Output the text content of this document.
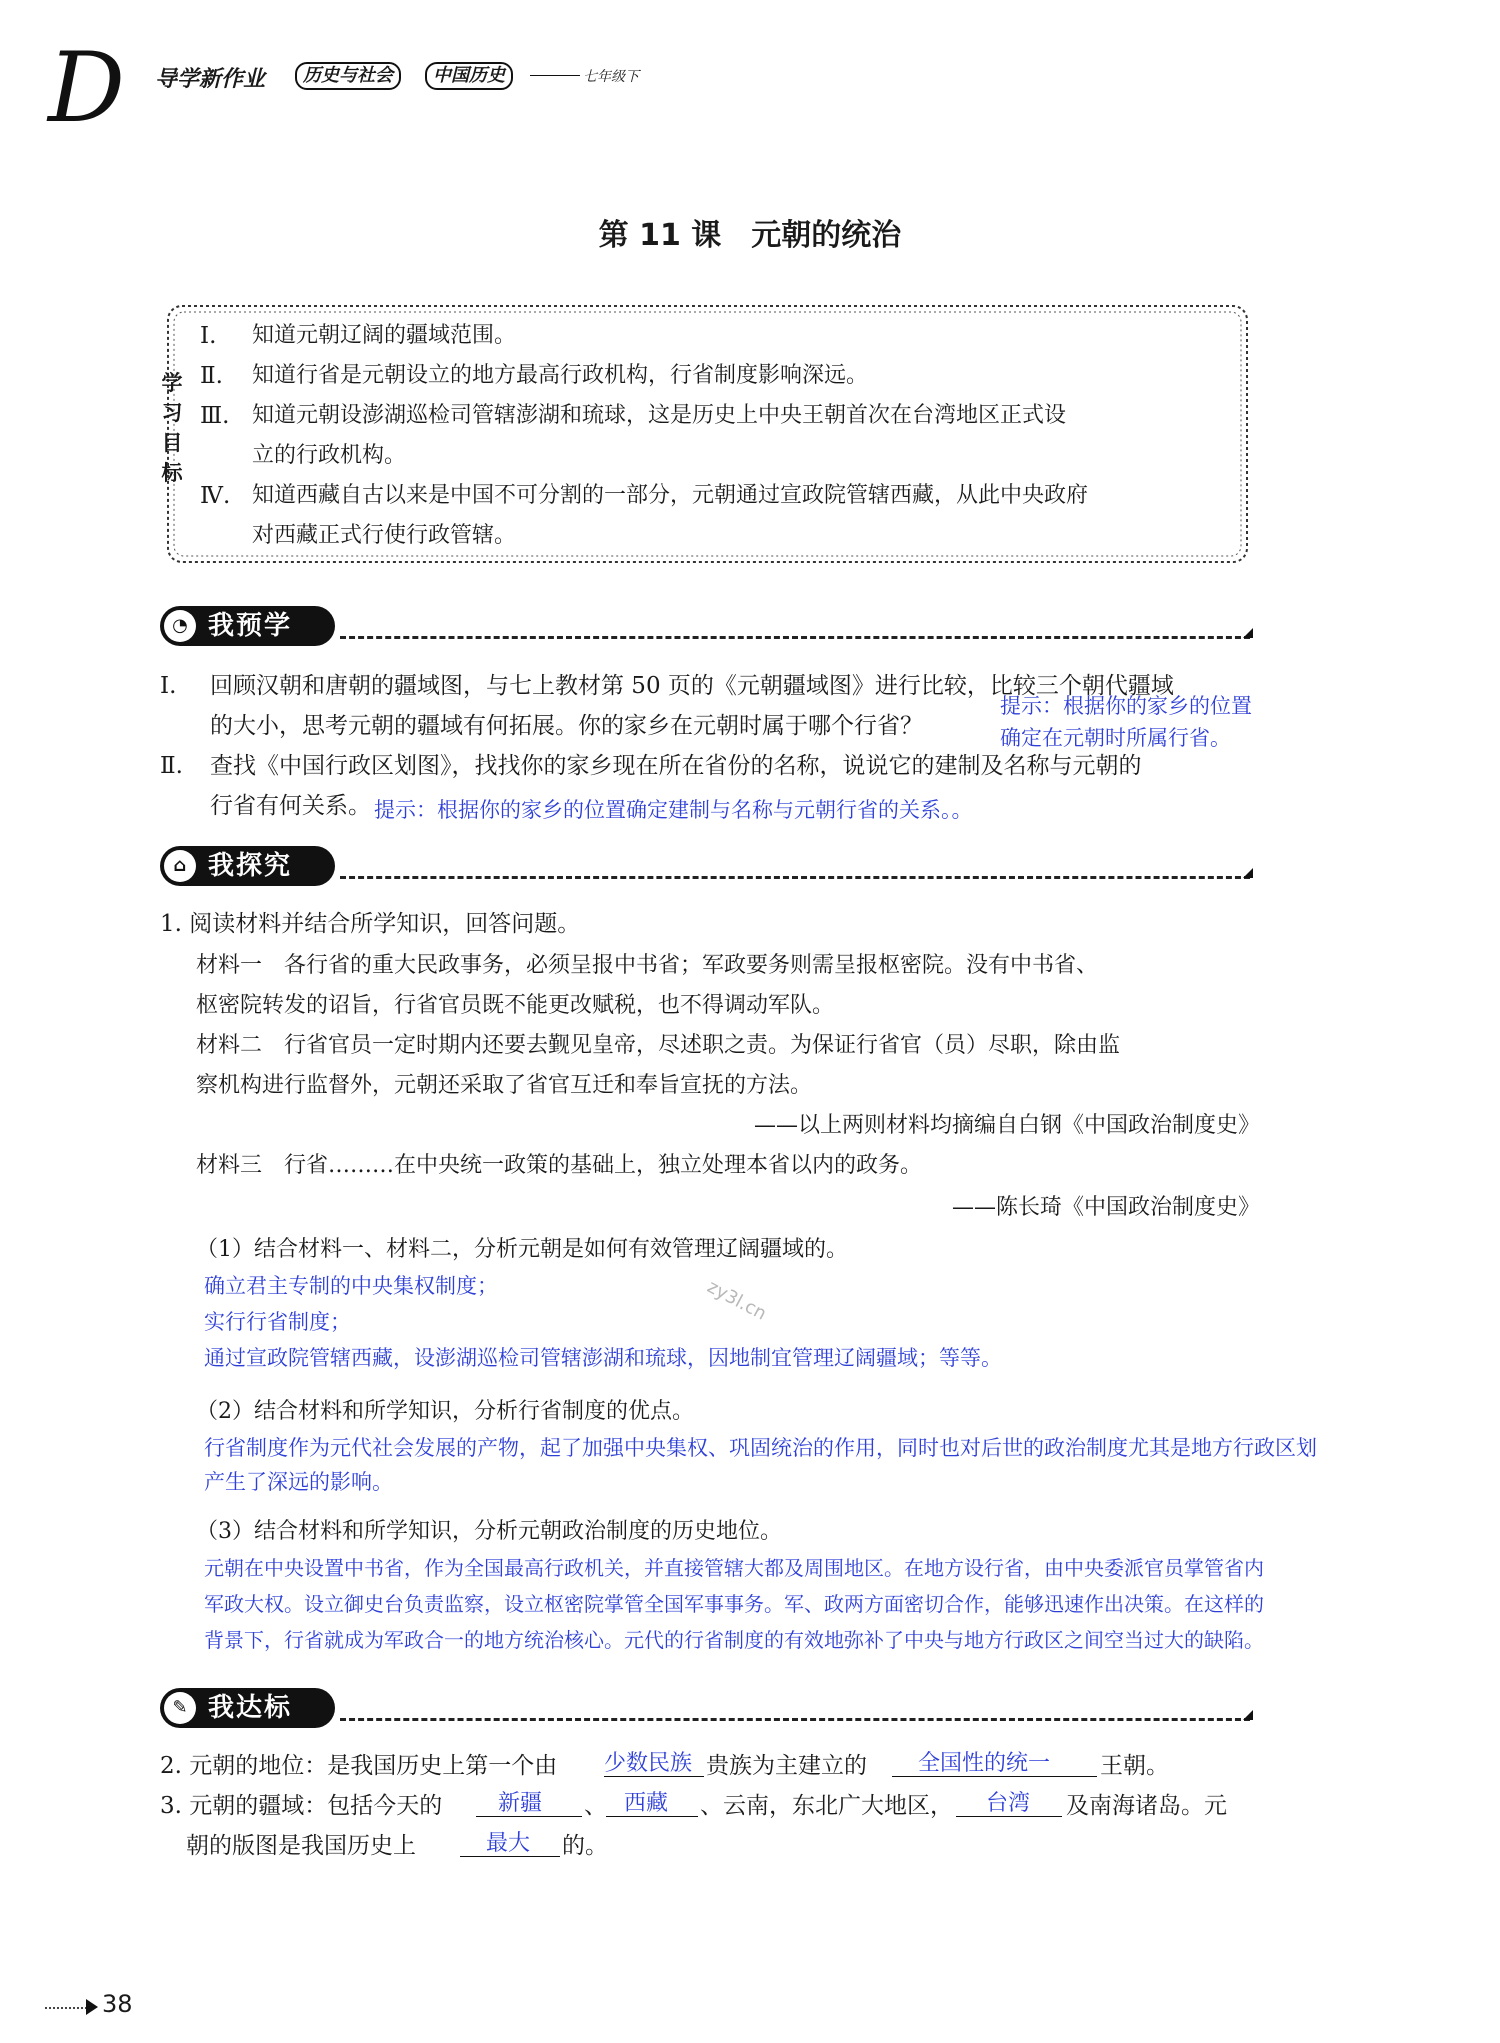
D 导学新作业	历史与社会	中国历史	七年级下
第 11 课　元朝的统治
学
习
目
标
Ⅰ. 知道元朝辽阔的疆域范围。
Ⅱ. 知道行省是元朝设立的地方最高行政机构，行省制度影响深远。
Ⅲ. 知道元朝设澎湖巡检司管辖澎湖和琉球，这是历史上中央王朝首次在台湾地区正式设
立的行政机构。
Ⅳ. 知道西藏自古以来是中国不可分割的一部分，元朝通过宣政院管辖西藏，从此中央政府
对西藏正式行使行政管辖。
◔ 我预学
Ⅰ. 回顾汉朝和唐朝的疆域图，与七上教材第 50 页的《元朝疆域图》进行比较，比较三个朝代疆域
的大小，思考元朝的疆域有何拓展。你的家乡在元朝时属于哪个行省？
提示：根据你的家乡的位置
确定在元朝时所属行省。
Ⅱ. 查找《中国行政区划图》，找找你的家乡现在所在省份的名称，说说它的建制及名称与元朝的
行省有何关系。 提示：根据你的家乡的位置确定建制与名称与元朝行省的关系。。
⌂ 我探究
1. 阅读材料并结合所学知识，回答问题。
材料一　各行省的重大民政事务，必须呈报中书省；军政要务则需呈报枢密院。没有中书省、
枢密院转发的诏旨，行省官员既不能更改赋税，也不得调动军队。
材料二　行省官员一定时期内还要去觐见皇帝，尽述职之责。为保证行省官（员）尽职，除由监
察机构进行监督外，元朝还采取了省官互迁和奉旨宣抚的方法。
——以上两则材料均摘编自白钢《中国政治制度史》
材料三　行省………在中央统一政策的基础上，独立处理本省以内的政务。
——陈长琦《中国政治制度史》
（1）结合材料一、材料二，分析元朝是如何有效管理辽阔疆域的。
确立君主专制的中央集权制度；
实行行省制度；
通过宣政院管辖西藏，设澎湖巡检司管辖澎湖和琉球，因地制宜管理辽阔疆域；等等。
zy3l.cn
（2）结合材料和所学知识，分析行省制度的优点。
行省制度作为元代社会发展的产物，起了加强中央集权、巩固统治的作用，同时也对后世的政治制度尤其是地方行政区划
产生了深远的影响。
（3）结合材料和所学知识，分析元朝政治制度的历史地位。
元朝在中央设置中书省，作为全国最高行政机关，并直接管辖大都及周围地区。在地方设行省，由中央委派官员掌管省内
军政大权。设立御史台负责监察，设立枢密院掌管全国军事事务。军、政两方面密切合作，能够迅速作出决策。在这样的
背景下，行省就成为军政合一的地方统治核心。元代的行省制度的有效地弥补了中央与地方行政区之间空当过大的缺陷。
✎ 我达标
2. 元朝的地位：是我国历史上第一个由 少数民族 贵族为主建立的	全国性的统一	王朝。
3. 元朝的疆域：包括今天的	新疆	、 西藏	、云南，东北广大地区，	台湾	及南海诸岛。元
朝的版图是我国历史上	最大	的。
38
